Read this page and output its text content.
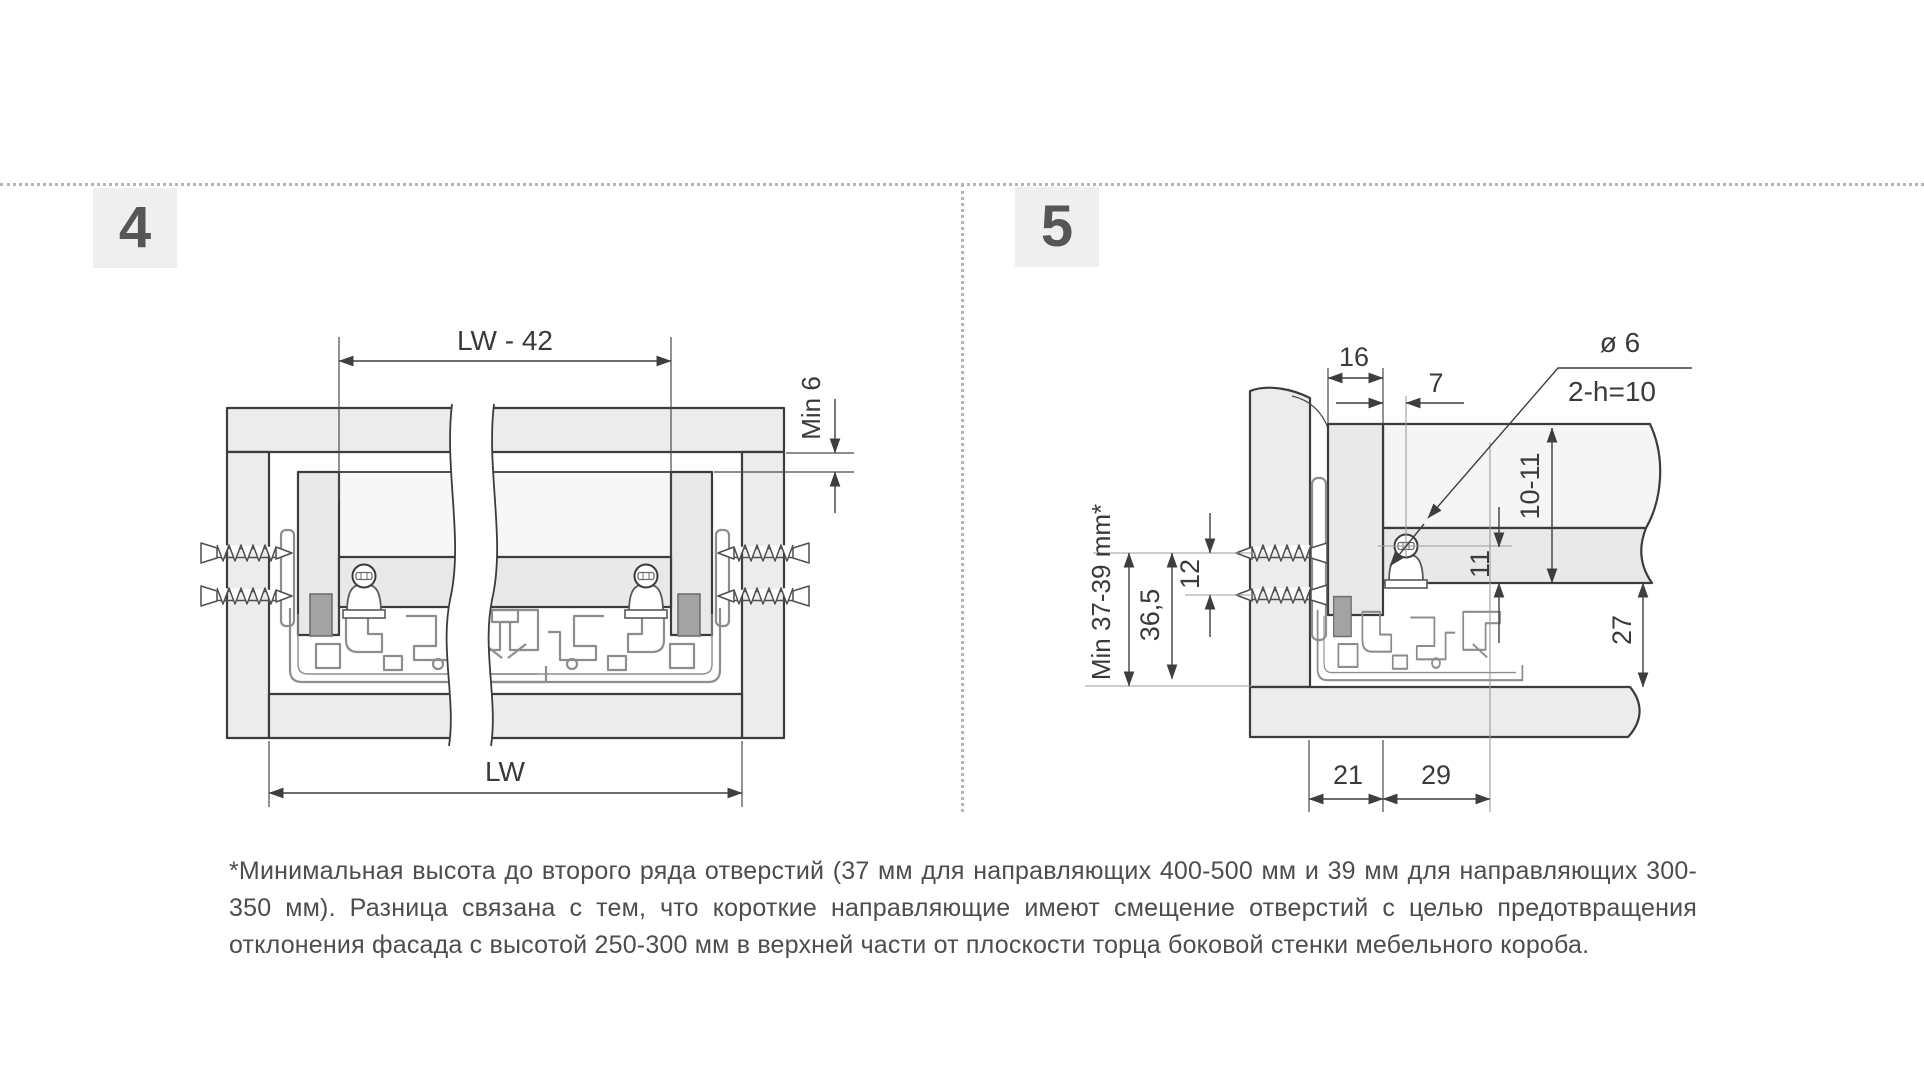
4	5
LW - 42
Min 6
LW
16
7
ø 6
2-h=10
10-11
11
27
12
36,5
Min 37-39 mm*
21 29

*Минимальная высота до второго ряда отверстий (37 мм для направляющих 400-500 мм и 39 мм для направляющих 300-350 мм). Разница связана с тем, что короткие направляющие имеют смещение отверстий с целью предотвращения отклонения фасада с высотой 250-300 мм в верхней части от плоскости торца боковой стенки мебельного короба.
